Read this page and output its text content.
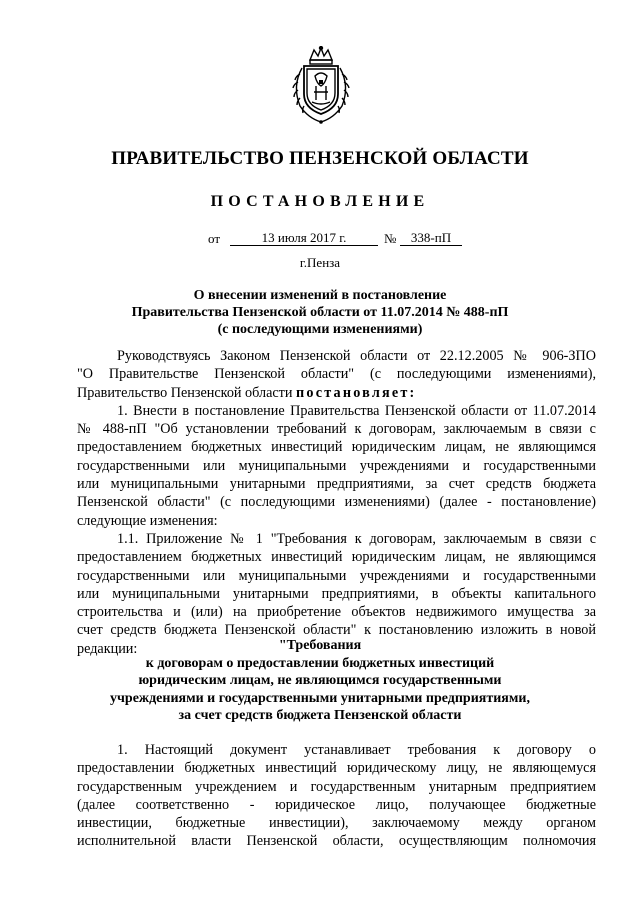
ПРАВИТЕЛЬСТВО ПЕНЗЕНСКОЙ ОБЛАСТИ
ПОСТАНОВЛЕНИЕ
от	13 июля 2017 г.	№	338-пП
г.Пенза
О внесении изменений в постановление
Правительства Пензенской области от 11.07.2014 № 488-пП
(с последующими изменениями)
Руководствуясь Законом Пензенской области от 22.12.2005 № 906-ЗПО
"О Правительстве Пензенской области" (с последующими изменениями),
Правительство Пензенской области постановляет:
1. Внести в постановление Правительства Пензенской области от 11.07.2014
№ 488-пП "Об установлении требований к договорам, заключаемым в связи с
предоставлением бюджетных инвестиций юридическим лицам, не являющимся
государственными или муниципальными учреждениями и государственными
или муниципальными унитарными предприятиями, за счет средств бюджета
Пензенской области" (с последующими изменениями) (далее - постановление)
следующие изменения:
1.1. Приложение № 1 "Требования к договорам, заключаемым в связи с
предоставлением бюджетных инвестиций юридическим лицам, не являющимся
государственными или муниципальными учреждениями и государственными
или муниципальными унитарными предприятиями, в объекты капитального
строительства и (или) на приобретение объектов недвижимого имущества за
счет средств бюджета Пензенской области" к постановлению изложить в новой
редакции:	"Требования
к договорам о предоставлении бюджетных инвестиций
юридическим лицам, не являющимся государственными
учреждениями и государственными унитарными предприятиями,
за счет средств бюджета Пензенской области
1. Настоящий документ устанавливает требования к договору о
предоставлении бюджетных инвестиций юридическому лицу, не являющемуся
государственным учреждением и государственным унитарным предприятием
(далее соответственно - юридическое лицо, получающее бюджетные
инвестиции, бюджетные инвестиции), заключаемому между органом
исполнительной власти Пензенской области, осуществляющим полномочия
